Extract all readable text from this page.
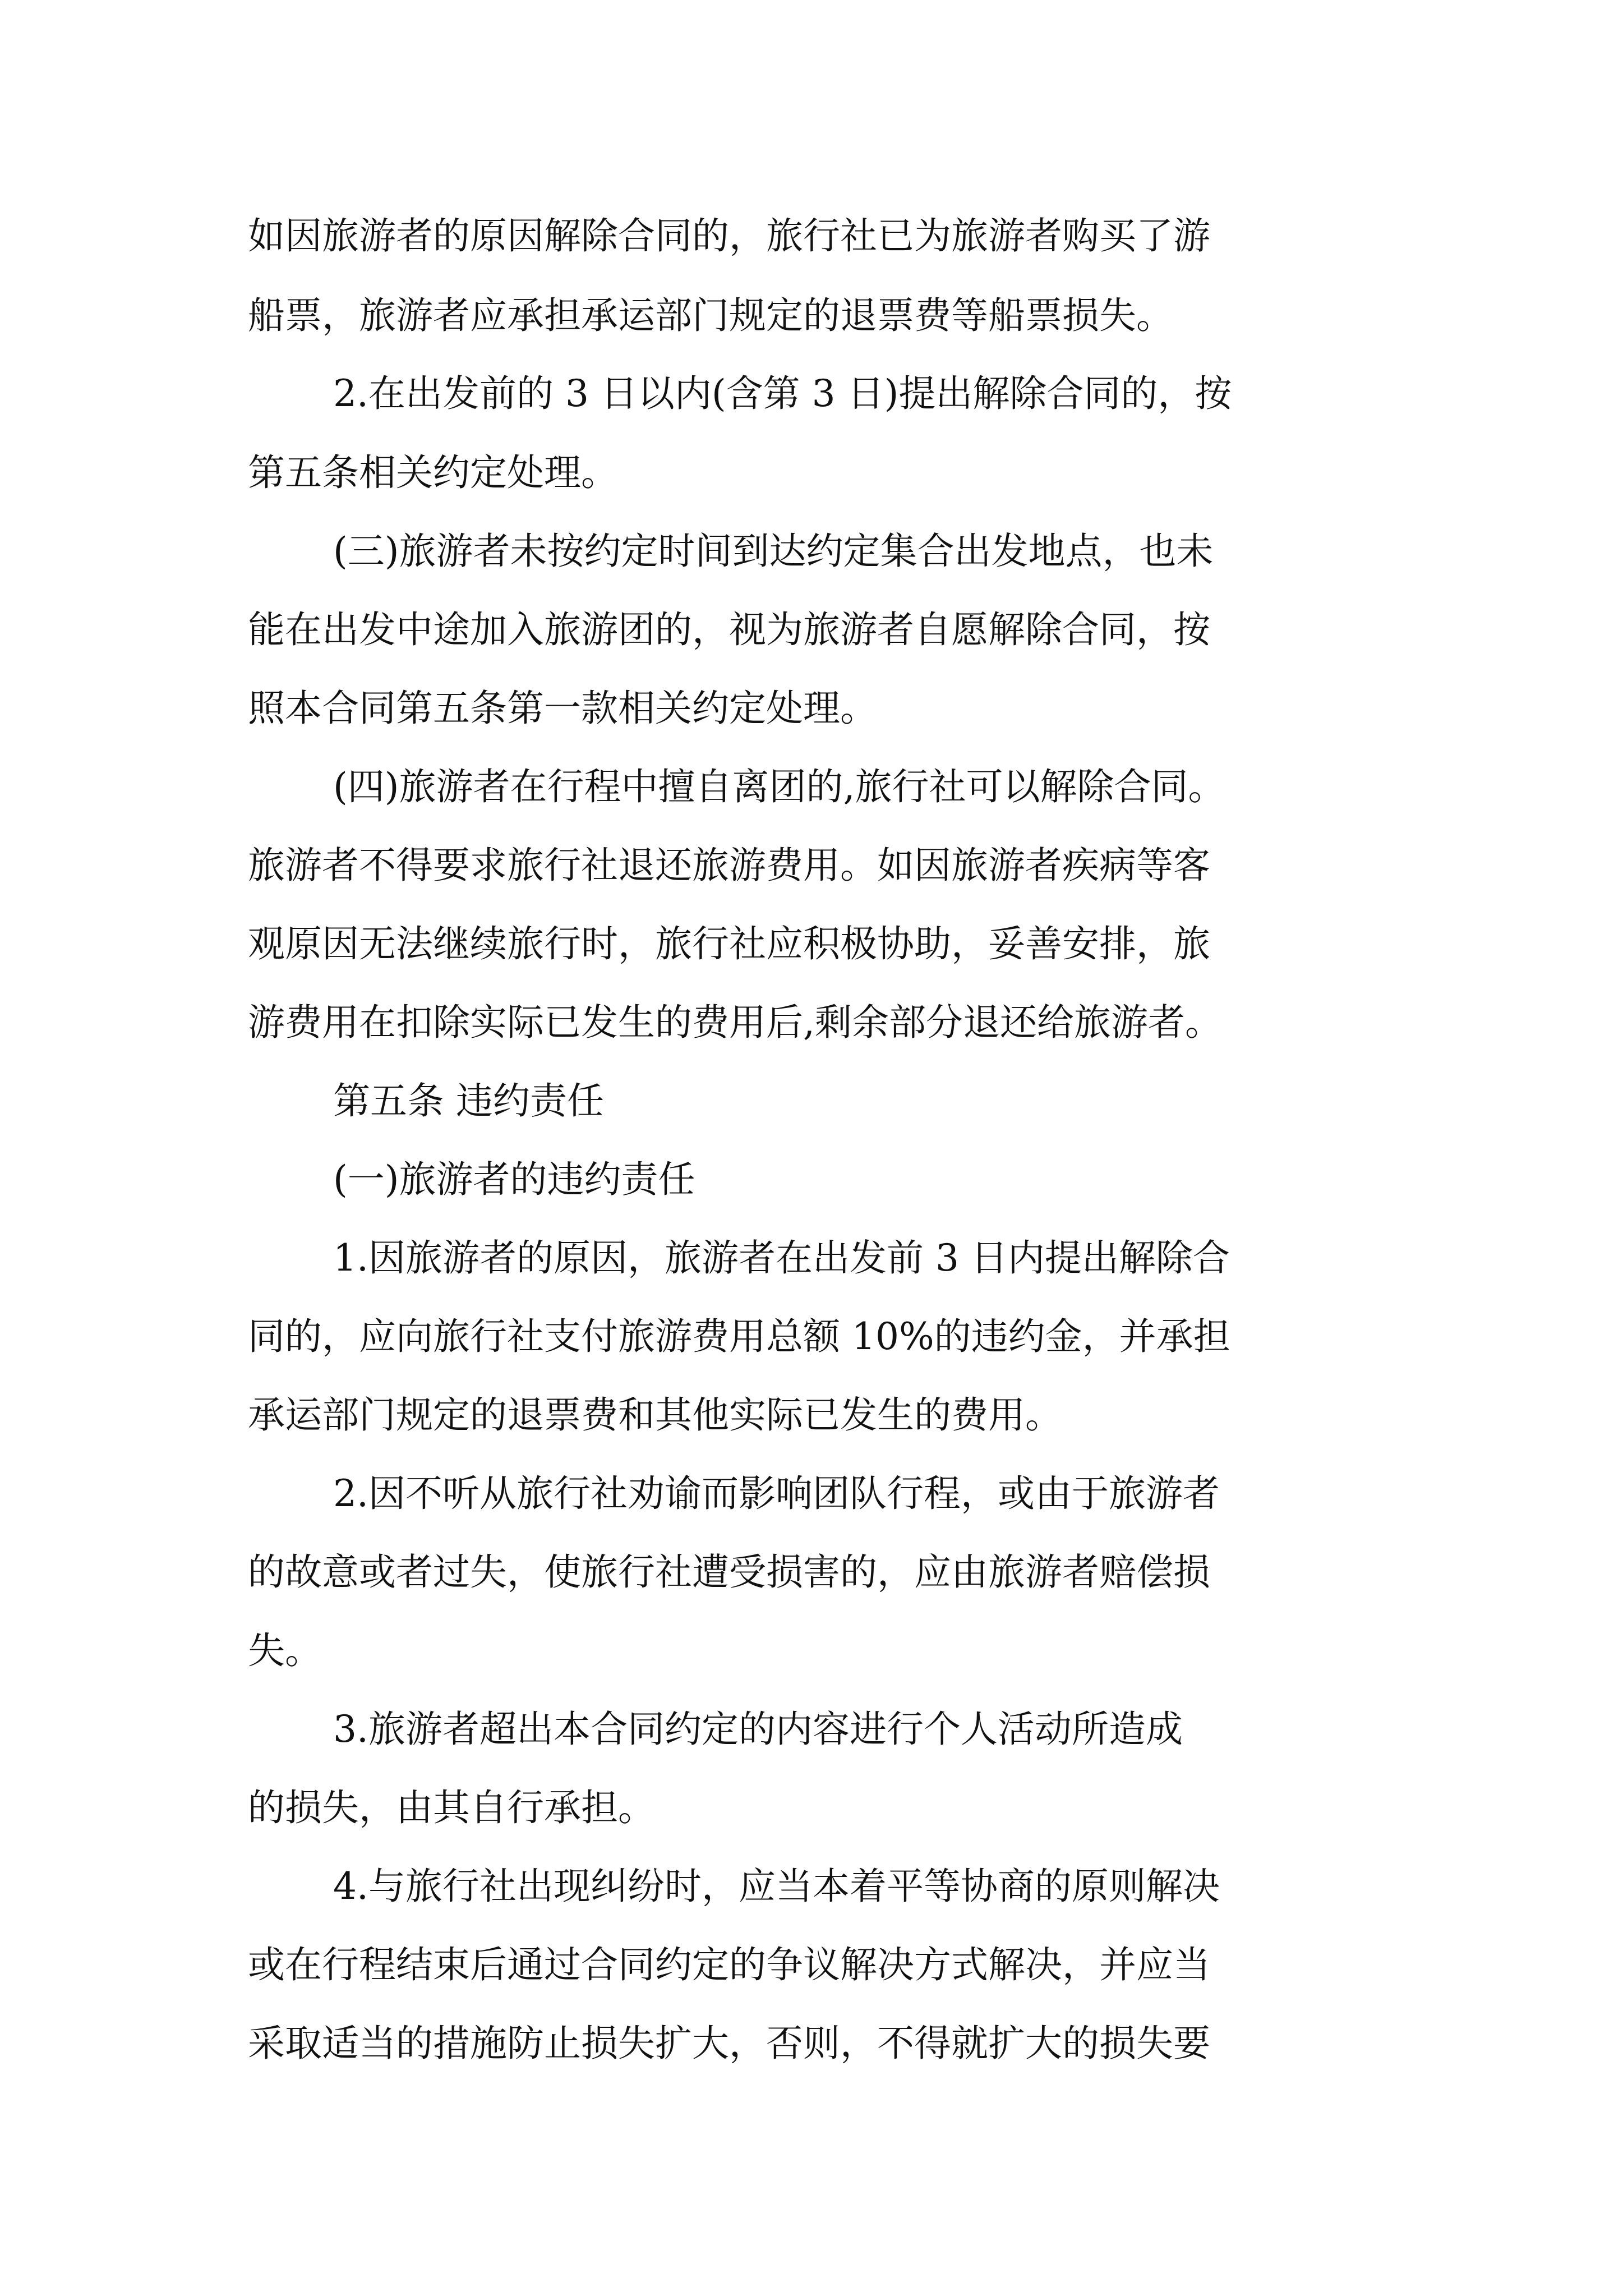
如因旅游者的原因解除合同的，旅行社已为旅游者购买了游
船票，旅游者应承担承运部门规定的退票费等船票损失。
2.在出发前的 3 日以内(含第 3 日)提出解除合同的，按
第五条相关约定处理。
(三)旅游者未按约定时间到达约定集合出发地点，也未
能在出发中途加入旅游团的，视为旅游者自愿解除合同，按
照本合同第五条第一款相关约定处理。
(四)旅游者在行程中擅自离团的,旅行社可以解除合同。
旅游者不得要求旅行社退还旅游费用。如因旅游者疾病等客
观原因无法继续旅行时，旅行社应积极协助，妥善安排，旅
游费用在扣除实际已发生的费用后,剩余部分退还给旅游者。
第五条 违约责任
(一)旅游者的违约责任
1.因旅游者的原因，旅游者在出发前 3 日内提出解除合
同的，应向旅行社支付旅游费用总额 10%的违约金，并承担
承运部门规定的退票费和其他实际已发生的费用。
2.因不听从旅行社劝谕而影响团队行程，或由于旅游者
的故意或者过失，使旅行社遭受损害的，应由旅游者赔偿损
失。
3.旅游者超出本合同约定的内容进行个人活动所造成
的损失，由其自行承担。
4.与旅行社出现纠纷时，应当本着平等协商的原则解决
或在行程结束后通过合同约定的争议解决方式解决，并应当
采取适当的措施防止损失扩大，否则，不得就扩大的损失要
